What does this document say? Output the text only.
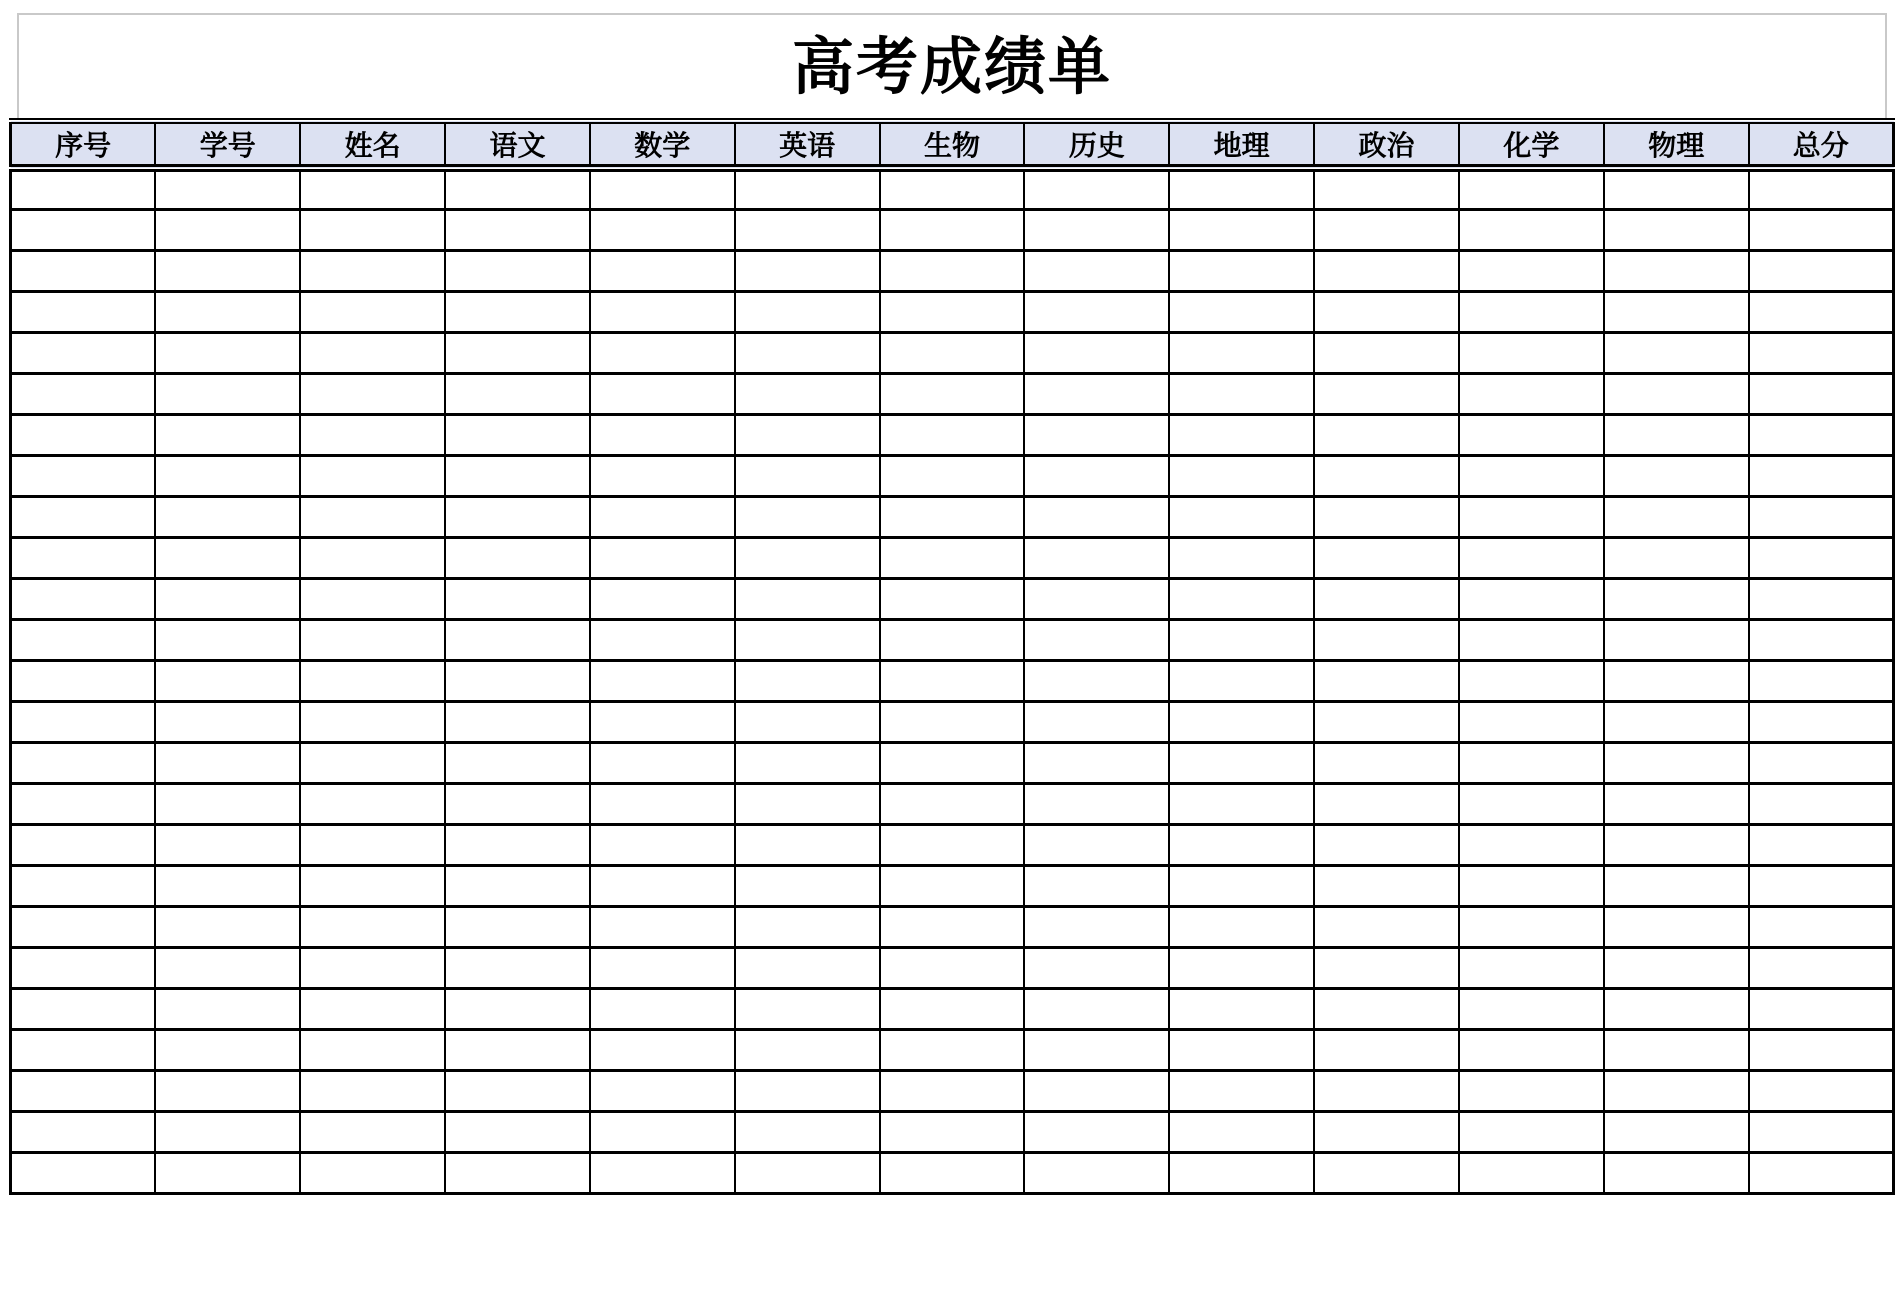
高考成绩单
序号	学号	姓名	语文	数学	英语	生物	历史	地理	政治	化学	物理	总分
